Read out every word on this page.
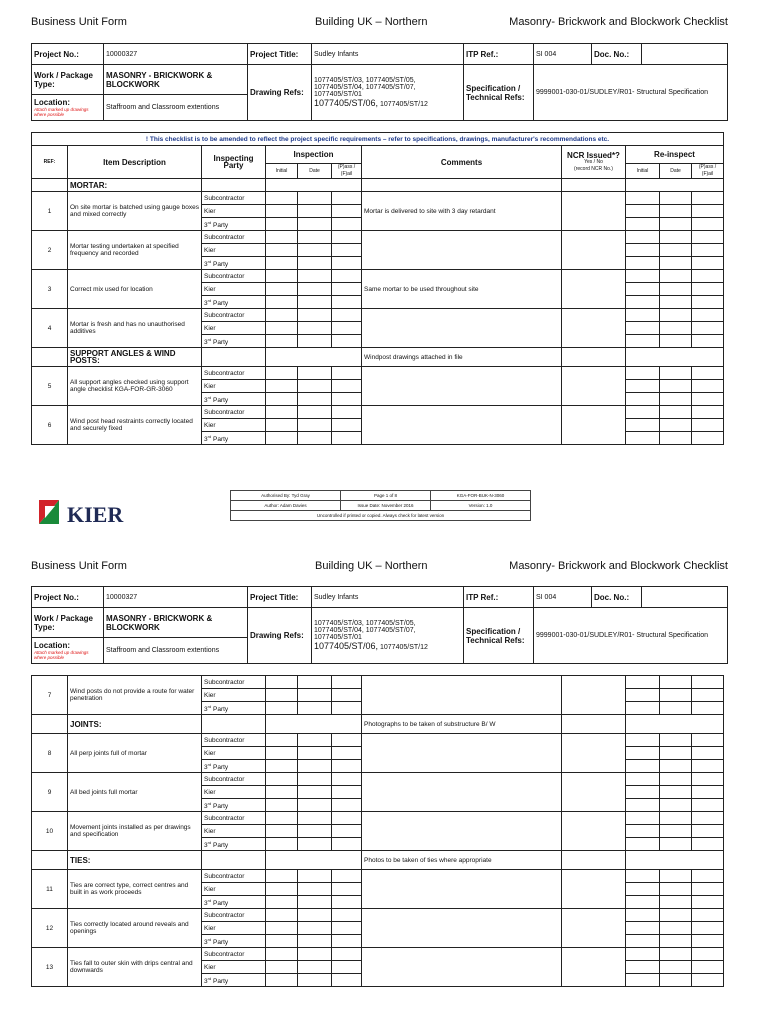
Business Unit Form	Building UK – Northern	Masonry- Brickwork and Blockwork Checklist
Project No.:	10000327	Project Title:	Sudley Infants	ITP Ref.:	SI 004	Doc. No.:	
Work / Package Type:	MASONRY - BRICKWORK & BLOCKWORK	Drawing Refs:	1077405/ST/03, 1077405/ST/05, 1077405/ST/04, 1077405/ST/07, 1077405/ST/01
1077405/ST/06, 1077405/ST/12	Specification / Technical Refs:	9999001-030-01/SUDLEY/R01- Structural Specification		

Location:
Attach marked up drawings where possible	Staffroom and Classroom extentions						
! This checklist is to be amended to reflect the project specific requirements – refer to specifications, drawings, manufacturer's recommendations etc.										
REF:	Item Description	Inspecting Party	Inspection			Comments	NCR Issued*?
Yes / No
(record NCR No.)	Re-inspect		
			Initial	Date	(P)ass / (F)ail			Initial	Date	(P)ass / (F)ail
	MORTAR:									
1	On site mortar is batched using gauge boxes and mixed correctly	Subcontractor				Mortar is delivered to site with 3 day retardant				
		Kier								
		3rd Party								
2	Mortar testing undertaken at specified frequency and recorded	Subcontractor								
		Kier								
		3rd Party								
3	Correct mix used for location	Subcontractor				Same mortar to be used throughout site				
		Kier								
		3rd Party								
4	Mortar is fresh and has no unauthorised additives	Subcontractor								
		Kier								
		3rd Party								
	SUPPORT ANGLES & WIND POSTS:					Windpost drawings attached in file				
5	All support angles checked using support angle checklist KGA-FOR-GR-3060	Subcontractor								
		Kier								
		3rd Party								
6	Wind post head restraints correctly located and securely fixed	Subcontractor								
		Kier								
		3rd Party								
KIER
Authorised By: Tyd Gray	Page 1 of 8	KGA-FOR-BUK-N-3060
Author: Adam Davies	Issue Date: November 2016	Version: 1.0
Uncontrolled if printed or copied. Always check for latest version		
Business Unit Form	Building UK – Northern	Masonry- Brickwork and Blockwork Checklist
Project No.:	10000327	Project Title:	Sudley Infants	ITP Ref.:	SI 004	Doc. No.:	
Work / Package Type:	MASONRY - BRICKWORK & BLOCKWORK	Drawing Refs:	1077405/ST/03, 1077405/ST/05, 1077405/ST/04, 1077405/ST/07, 1077405/ST/01
1077405/ST/06, 1077405/ST/12	Specification / Technical Refs:	9999001-030-01/SUDLEY/R01- Structural Specification		

Location:
Attach marked up drawings where possible	Staffroom and Classroom extentions						
7	Wind posts do not provide a route for water penetration	Subcontractor								
		Kier								
		3rd Party								
	JOINTS:					Photographs to be taken of substructure B/ W				
8	All perp joints full of mortar	Subcontractor								
		Kier								
		3rd Party								
9	All bed joints full mortar	Subcontractor								
		Kier								
		3rd Party								
10	Movement joints installed as per drawings and specification	Subcontractor								
		Kier								
		3rd Party								
	TIES:					Photos to be taken of ties where appropriate				
11	Ties are correct type, correct centres and built in as work proceeds	Subcontractor								
		Kier								
		3rd Party								
12	Ties correctly located around reveals and openings	Subcontractor								
		Kier								
		3rd Party								
13	Ties fall to outer skin with drips central and downwards	Subcontractor								
		Kier								
		3rd Party								
